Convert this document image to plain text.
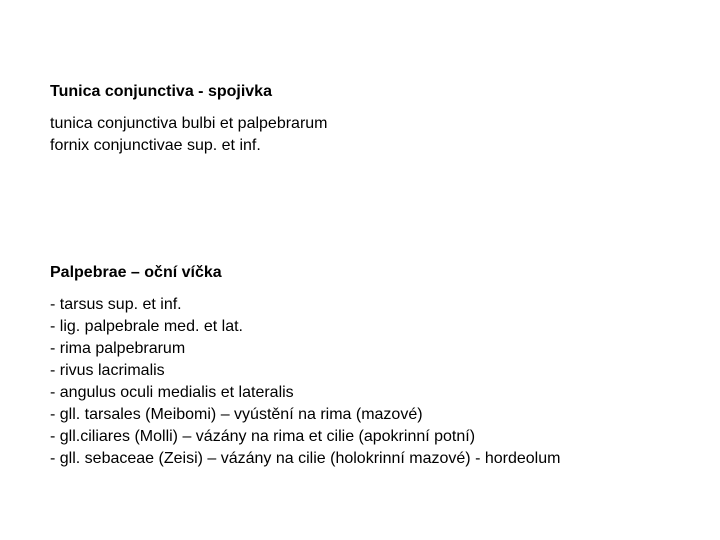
Tunica conjunctiva - spojivka
tunica conjunctiva bulbi et palpebrarum
fornix conjunctivae sup. et inf.
Palpebrae – oční víčka
- tarsus sup. et inf.
- lig. palpebrale med. et lat.
- rima palpebrarum
- rivus lacrimalis
- angulus oculi medialis et lateralis
- gll. tarsales (Meibomi) – vyústění na rima (mazové)
- gll.ciliares (Molli) – vázány na rima et cilie (apokrinní potní)
- gll. sebaceae (Zeisi) – vázány na cilie (holokrinní mazové) - hordeolum
